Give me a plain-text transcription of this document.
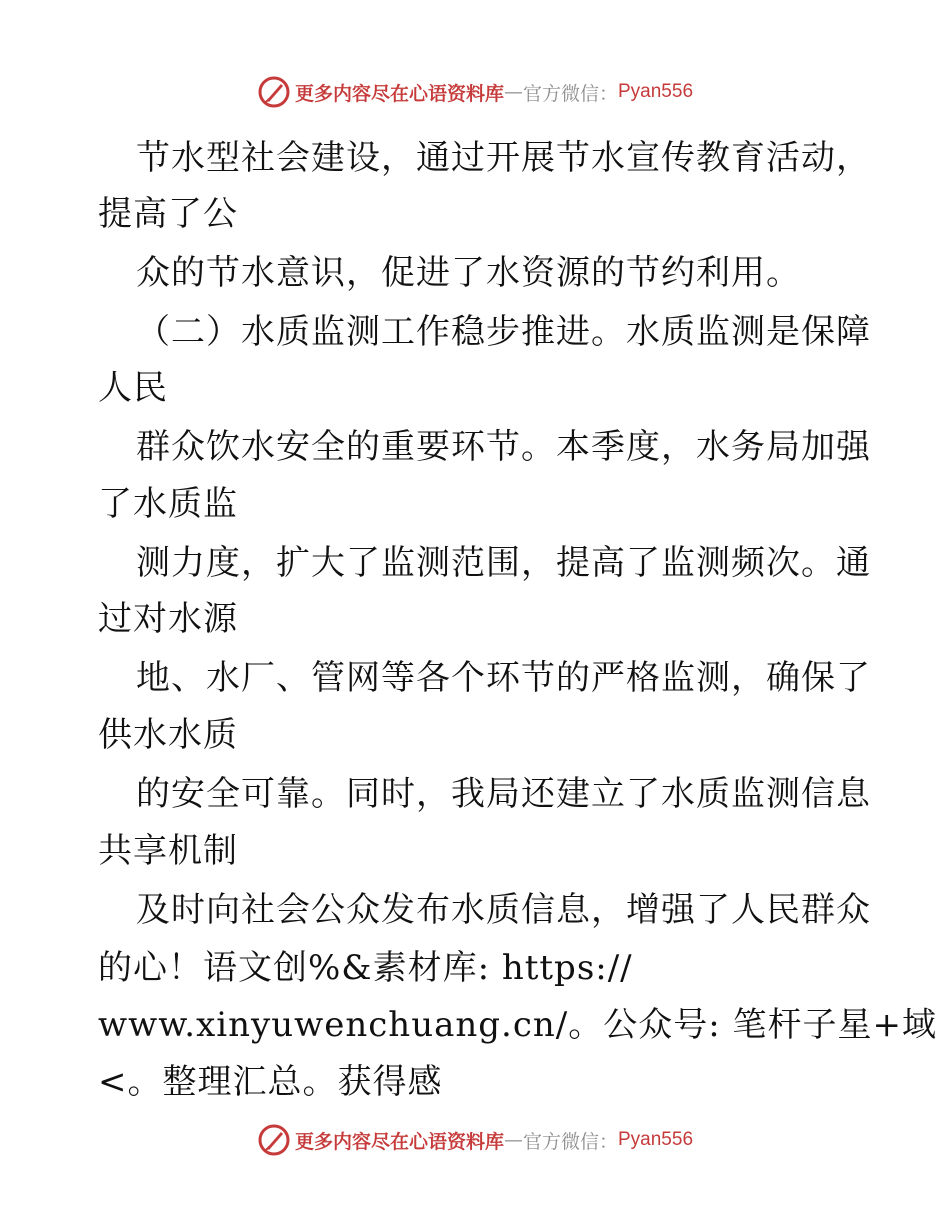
更多内容尽在心语资料库 — 官方微信： Pyan556
节水型社会建设，通过开展节水宣传教育活动，
提高了公
众的节水意识，促进了水资源的节约利用。
（二）水质监测工作稳步推进。水质监测是保障
人民
群众饮水安全的重要环节。本季度，水务局加强
了水质监
测力度，扩大了监测范围，提高了监测频次。通
过对水源
地、水厂、管网等各个环节的严格监测，确保了
供水水质
的安全可靠。同时，我局还建立了水质监测信息
共享机制
及时向社会公众发布水质信息，增强了人民群众
的心！语文创%&素材库: https://
www.xinyuwenchuang.cn/。公众号: 笔杆子星+域
<。整理汇总。获得感
更多内容尽在心语资料库 — 官方微信： Pyan556
